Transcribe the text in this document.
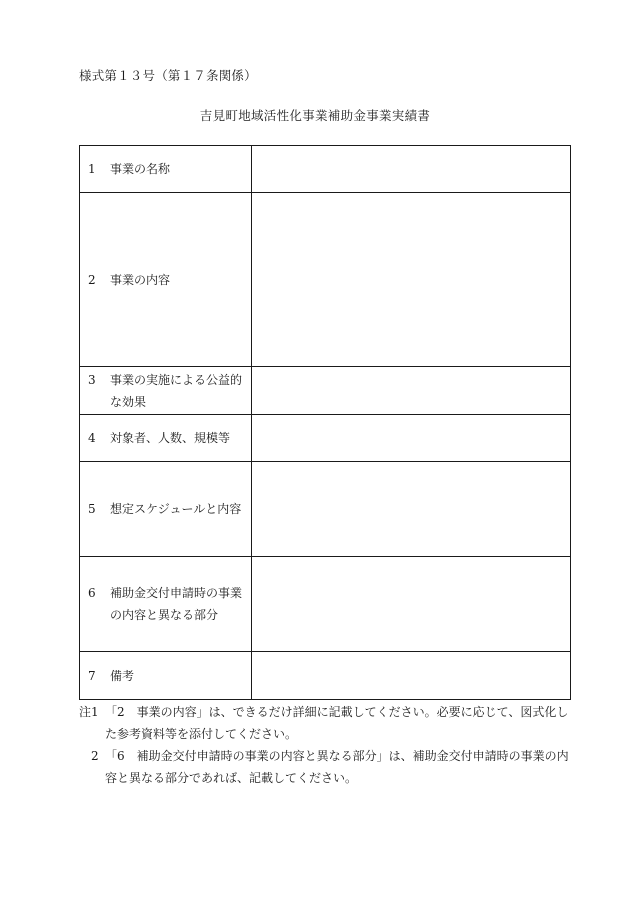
様式第１３号（第１７条関係）
吉見町地域活性化事業補助金事業実績書
1 事業の名称	

2 事業の内容	

3 事業の実施による公益的な効果	

4 対象者、人数、規模等	

5 想定スケジュールと内容	

6 補助金交付申請時の事業の内容と異なる部分	

7 備考	

注1 「2　事業の内容」は、できるだけ詳細に記載してください。必要に応じて、図式化した参考資料等を添付してください。
2 「6　補助金交付申請時の事業の内容と異なる部分」は、補助金交付申請時の事業の内容と異なる部分であれば、記載してください。
